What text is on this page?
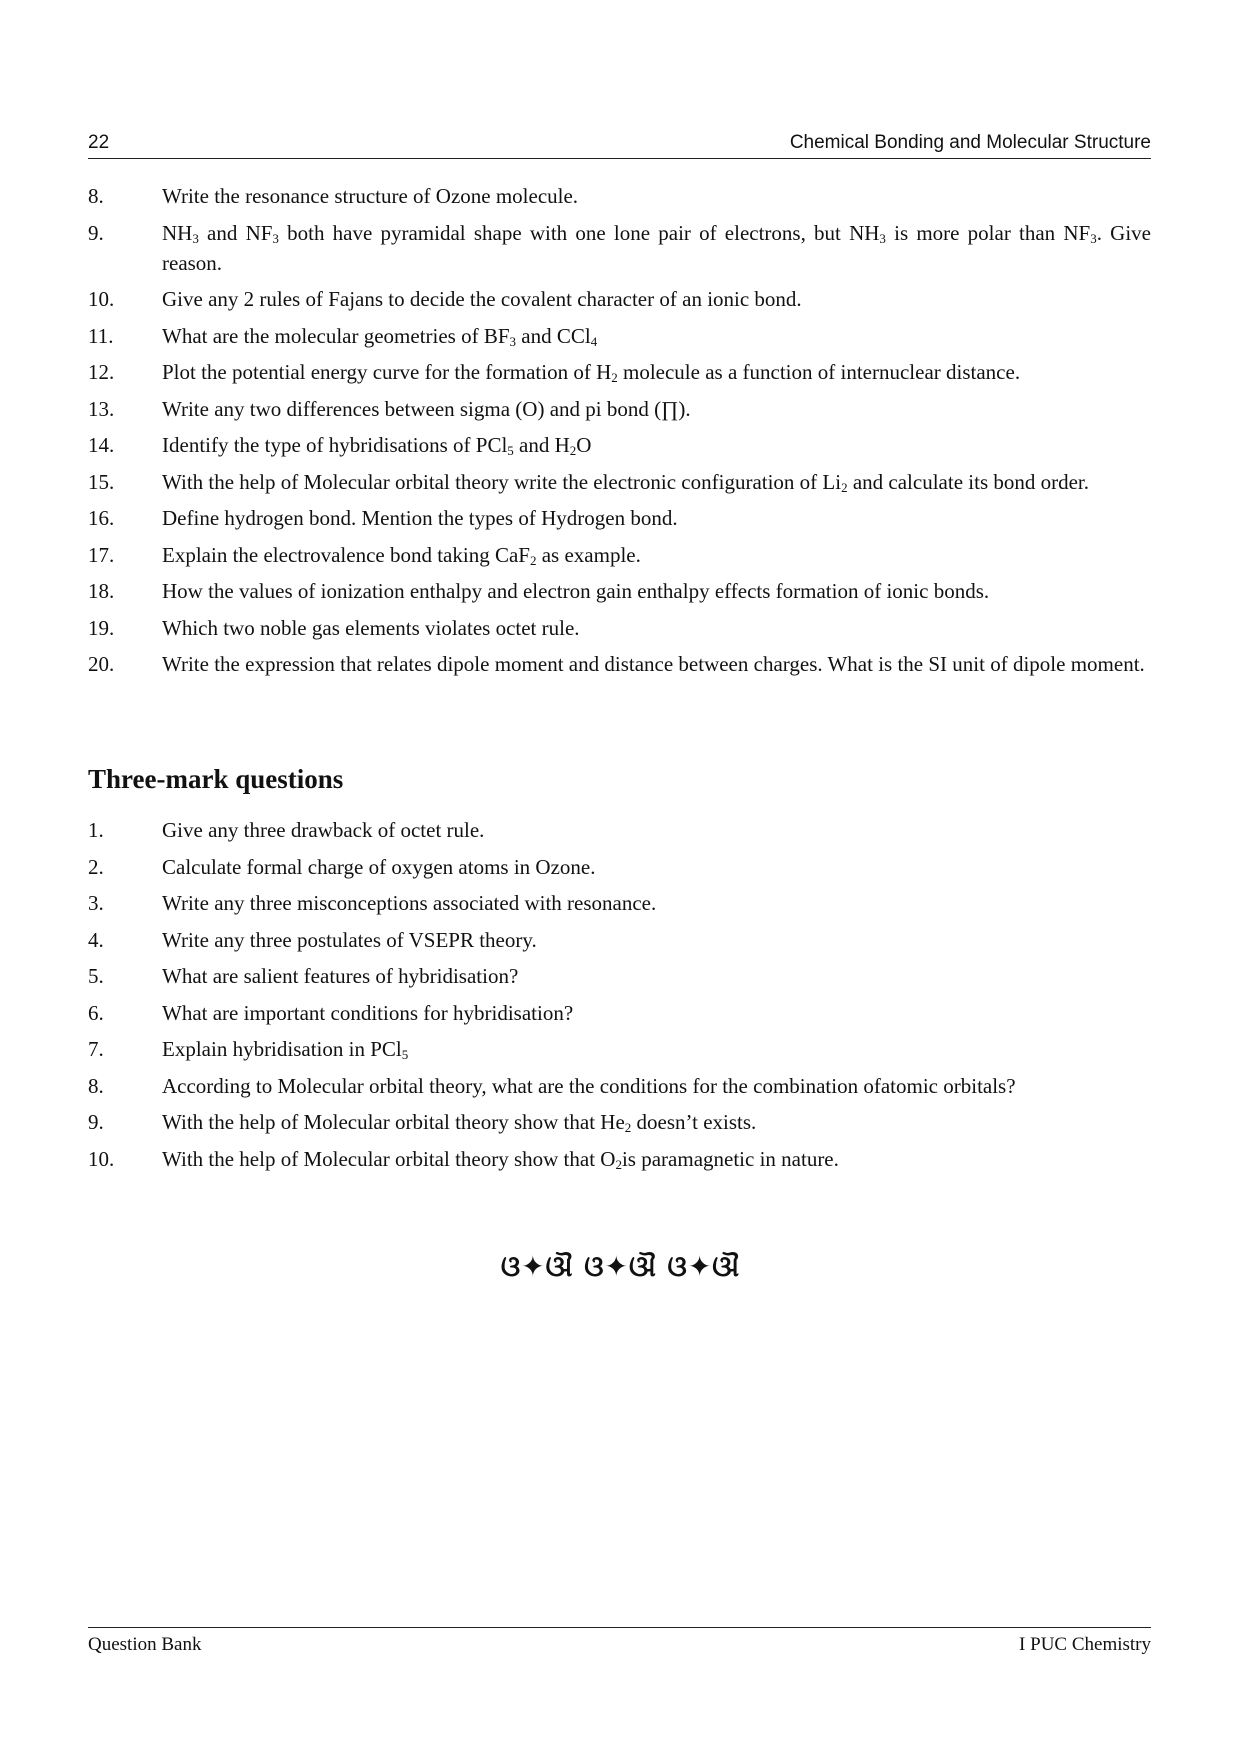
22	Chemical Bonding and Molecular Structure
8.	Write the resonance structure of Ozone molecule.
9.	$NH_3$ and $NF_3$ both have pyramidal shape with one lone pair of electrons, but $NH_3$ is more polar than $NF_3$. Give reason.
10. Give any 2 rules of Fajans to decide the covalent character of an ionic bond.
11. What are the molecular geometries of $BF_3$ and CCl$_4$
12. Plot the potential energy curve for the formation of $H_2$ molecule as a function of internuclear distance.
13. Write any two differences between sigma (O) and pi bond (∏).
14. Identify the type of hybridisations of PCl$_5$ and $H_2O$
15. With the help of Molecular orbital theory write the electronic configuration of $Li_2$ and calculate its bond order.
16. Define hydrogen bond. Mention the types of Hydrogen bond.
17. Explain the electrovalence bond taking CaF$_2$ as example.
18. How the values of ionization enthalpy and electron gain enthalpy effects formation of ionic bonds.
19. Which two noble gas elements violates octet rule.
20. Write the expression that relates dipole moment and distance between charges. What is the SI unit of dipole moment.
Three-mark questions
1.	Give any three drawback of octet rule.
2.	Calculate formal charge of oxygen atoms in Ozone.
3.	Write any three misconceptions associated with resonance.
4.	Write any three postulates of VSEPR theory.
5.	What are salient features of hybridisation?
6.	What are important conditions for hybridisation?
7.	Explain hybridisation in PCl$_5$
8.	According to Molecular orbital theory, what are the conditions for the combination ofatomic orbitals?
9.	With the help of Molecular orbital theory show that $He_2$ doesn’t exists.
10. With the help of Molecular orbital theory show that $O_2is$ paramagnetic in nature.
ଓ✦ଔ ଓ✦ଔ ଓ✦ଔ
Question Bank	I PUC Chemistry
